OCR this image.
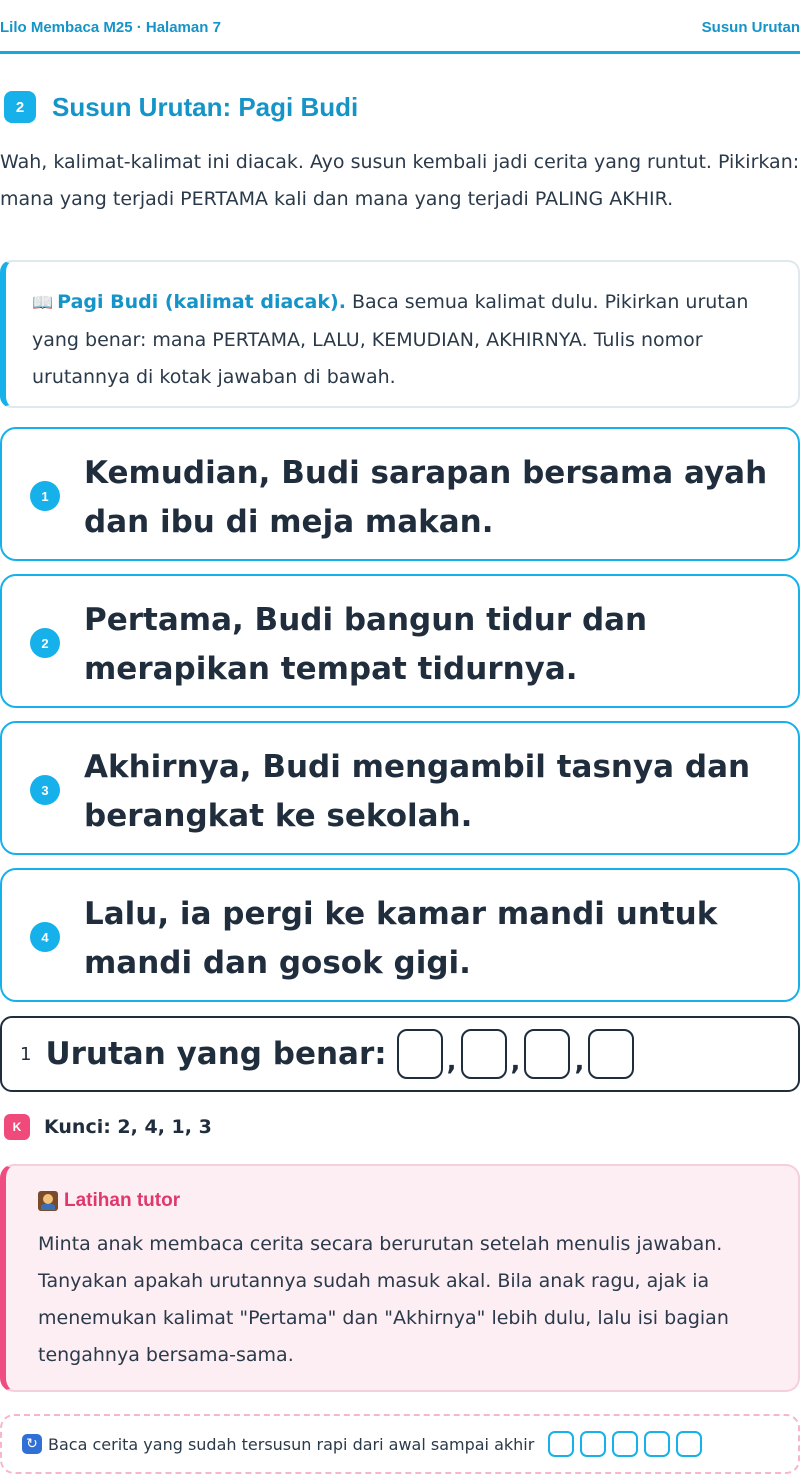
Lilo Membaca M25 · Halaman 7	Susun Urutan
2	Susun Urutan: Pagi Budi
Wah, kalimat-kalimat ini diacak. Ayo susun kembali jadi cerita yang runtut. Pikirkan: mana yang terjadi PERTAMA kali dan mana yang terjadi PALING AKHIR.
📖 Pagi Budi (kalimat diacak). Baca semua kalimat dulu. Pikirkan urutan yang benar: mana PERTAMA, LALU, KEMUDIAN, AKHIRNYA. Tulis nomor urutannya di kotak jawaban di bawah.
1
Kemudian, Budi sarapan bersama ayah dan ibu di meja makan.
2
Pertama, Budi bangun tidur dan merapikan tempat tidurnya.
3
Akhirnya, Budi mengambil tasnya dan berangkat ke sekolah.
4
Lalu, ia pergi ke kamar mandi untuk mandi dan gosok gigi.
1 Urutan yang benar: , , ,
K	Kunci: 2, 4, 1, 3
Latihan tutor
Minta anak membaca cerita secara berurutan setelah menulis jawaban. Tanyakan apakah urutannya sudah masuk akal. Bila anak ragu, ajak ia menemukan kalimat "Pertama" dan "Akhirnya" lebih dulu, lalu isi bagian tengahnya bersama-sama.
↻ Baca cerita yang sudah tersusun rapi dari awal sampai akhir
